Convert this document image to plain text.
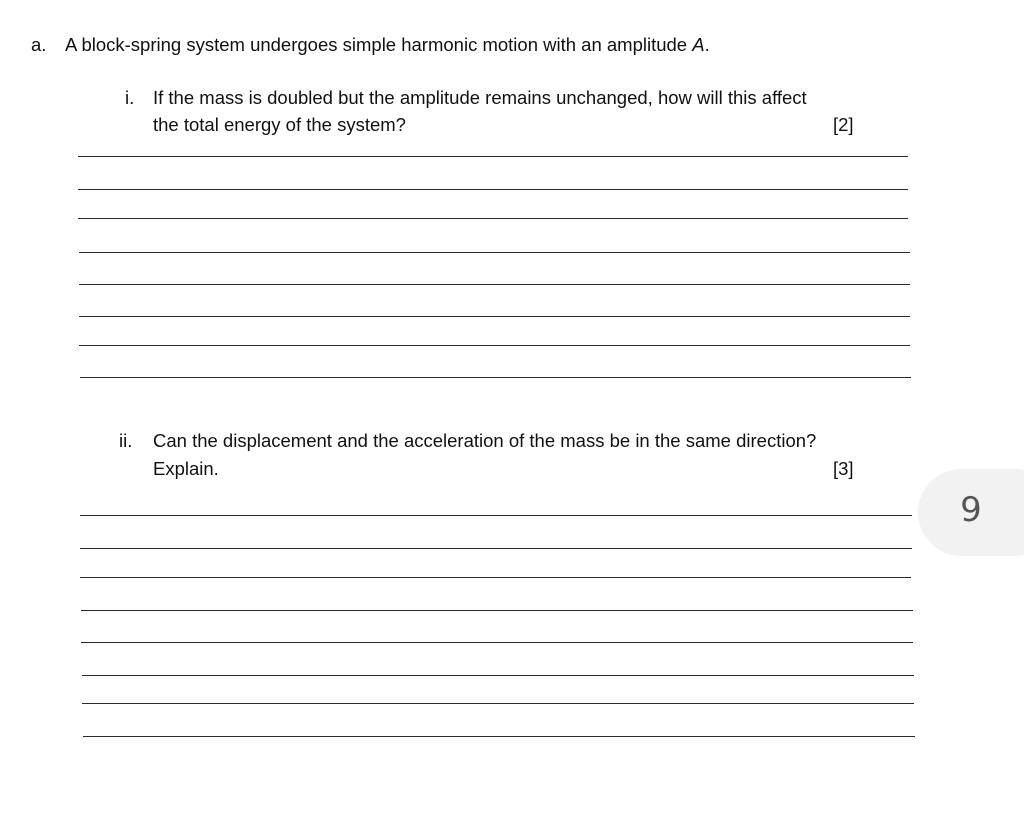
a. A block-spring system undergoes simple harmonic motion with an amplitude A.
i. If the mass is doubled but the amplitude remains unchanged, how will this affect
the total energy of the system?	[2]
ii. Can the displacement and the acceleration of the mass be in the same direction?
Explain.	[3]
9
